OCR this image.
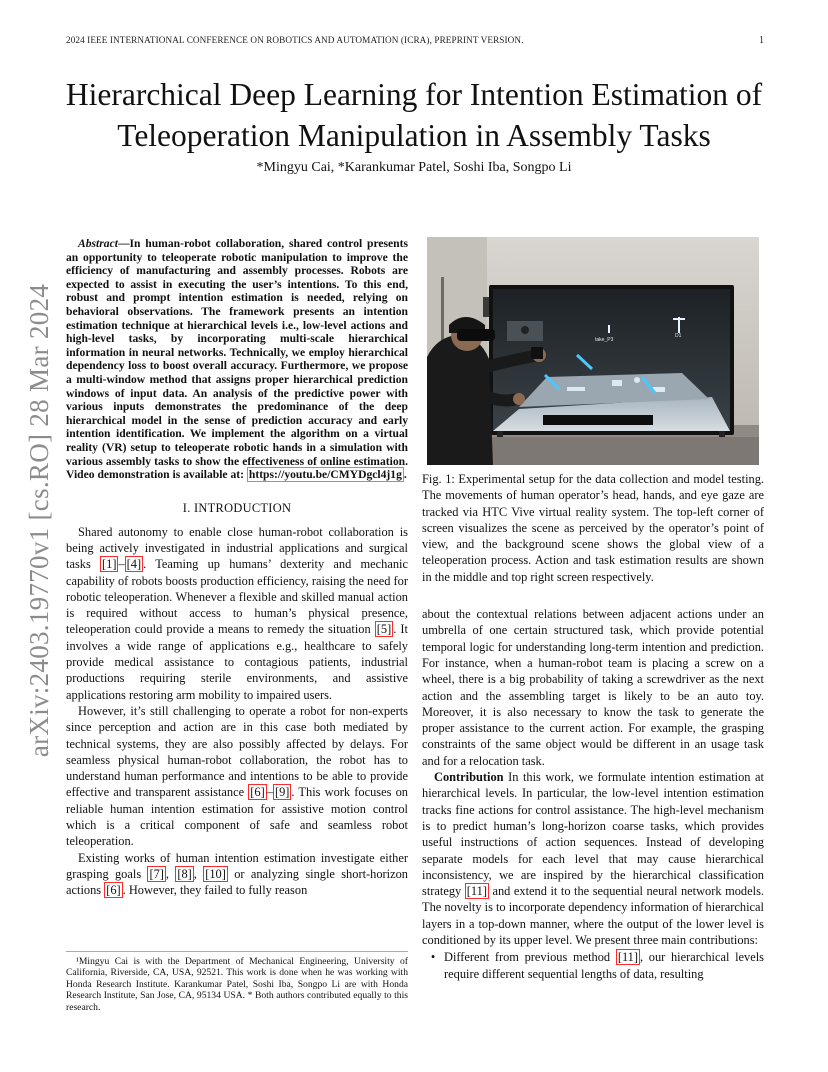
arXiv:2403.19770v1 [cs.RO] 28 Mar 2024
2024 IEEE INTERNATIONAL CONFERENCE ON ROBOTICS AND AUTOMATION (ICRA), PREPRINT VERSION.	1
Hierarchical Deep Learning for Intention Estimation of Teleoperation Manipulation in Assembly Tasks
*Mingyu Cai, *Karankumar Patel, Soshi Iba, Songpo Li
Abstract—In human-robot collaboration, shared control presents an opportunity to teleoperate robotic manipulation to improve the efficiency of manufacturing and assembly processes. Robots are expected to assist in executing the user’s intentions. To this end, robust and prompt intention estimation is needed, relying on behavioral observations. The framework presents an intention estimation technique at hierarchical levels i.e., low-level actions and high-level tasks, by incorporating multi-scale hierarchical information in neural networks. Technically, we employ hierarchical dependency loss to boost overall accuracy. Furthermore, we propose a multi-window method that assigns proper hierarchical prediction windows of input data. An analysis of the predictive power with various inputs demonstrates the predominance of the deep hierarchical model in the sense of prediction accuracy and early intention identification. We implement the algorithm on a virtual reality (VR) setup to teleoperate robotic hands in a simulation with various assembly tasks to show the effectiveness of online estimation. Video demonstration is available at: https://youtu.be/CMYDgcl4j1g .
I. INTRODUCTION

Shared autonomy to enable close human-robot collaboration is being actively investigated in industrial applications and surgical tasks [1] – [4] . Teaming up humans’ dexterity and mechanic capability of robots boosts production efficiency, raising the need for robotic teleoperation. Whenever a flexible and skilled manual action is required without access to human’s physical presence, teleoperation could provide a means to remedy the situation [5] . It involves a wide range of applications e.g., healthcare to safely provide medical assistance to contagious patients, industrial productions requiring sterile environments, and assistive applications restoring arm mobility to impaired users.

However, it’s still challenging to operate a robot for non-experts since perception and action are in this case both mediated by technical systems, they are also possibly affected by delays. For seamless physical human-robot collaboration, the robot has to understand human performance and intentions to be able to provide effective and transparent assistance [6] – [9] . This work focuses on reliable human intention estimation for assistive motion control which is a critical component of safe and seamless robot teleoperation.

Existing works of human intention estimation investigate either grasping goals [7] , [8] , [10] or analyzing single short-horizon actions [6] . However, they failed to fully reason

¹Mingyu Cai is with the Department of Mechanical Engineering, University of California, Riverside, CA, USA, 92521. This work is done when he was working with Honda Research Institute. Karankumar Patel, Soshi Iba, Songpo Li are with Honda Research Institute, San Jose, CA, 95134 USA. * Both authors contributed equally to this research.
take_P3
D1
Fig. 1: Experimental setup for the data collection and model testing. The movements of human operator’s head, hands, and eye gaze are tracked via HTC Vive virtual reality system. The top-left corner of screen visualizes the scene as perceived by the operator’s point of view, and the background scene shows the global view of a teleoperation process. Action and task estimation results are shown in the middle and top right screen respectively.

about the contextual relations between adjacent actions under an umbrella of one certain structured task, which provide potential temporal logic for understanding long-term intention and prediction. For instance, when a human-robot team is placing a screw on a wheel, there is a big probability of taking a screwdriver as the next action and the assembling target is likely to be an auto toy. Moreover, it is also necessary to know the task to generate the proper assistance to the current action. For example, the grasping constraints of the same object would be different in an usage task and for a relocation task.

Contribution In this work, we formulate intention estimation at hierarchical levels. In particular, the low-level intention estimation tracks fine actions for control assistance. The high-level mechanism is to predict human’s long-horizon coarse tasks, which provides useful instructions of action sequences. Instead of developing separate models for each level that may cause hierarchical inconsistency, we are inspired by the hierarchical classification strategy [11] and extend it to the sequential neural network models. The novelty is to incorporate dependency information of hierarchical layers in a top-down manner, where the output of the lower level is conditioned by its upper level. We present three main contributions:

• Different from previous method [11] , our hierarchical levels require different sequential lengths of data, resulting
